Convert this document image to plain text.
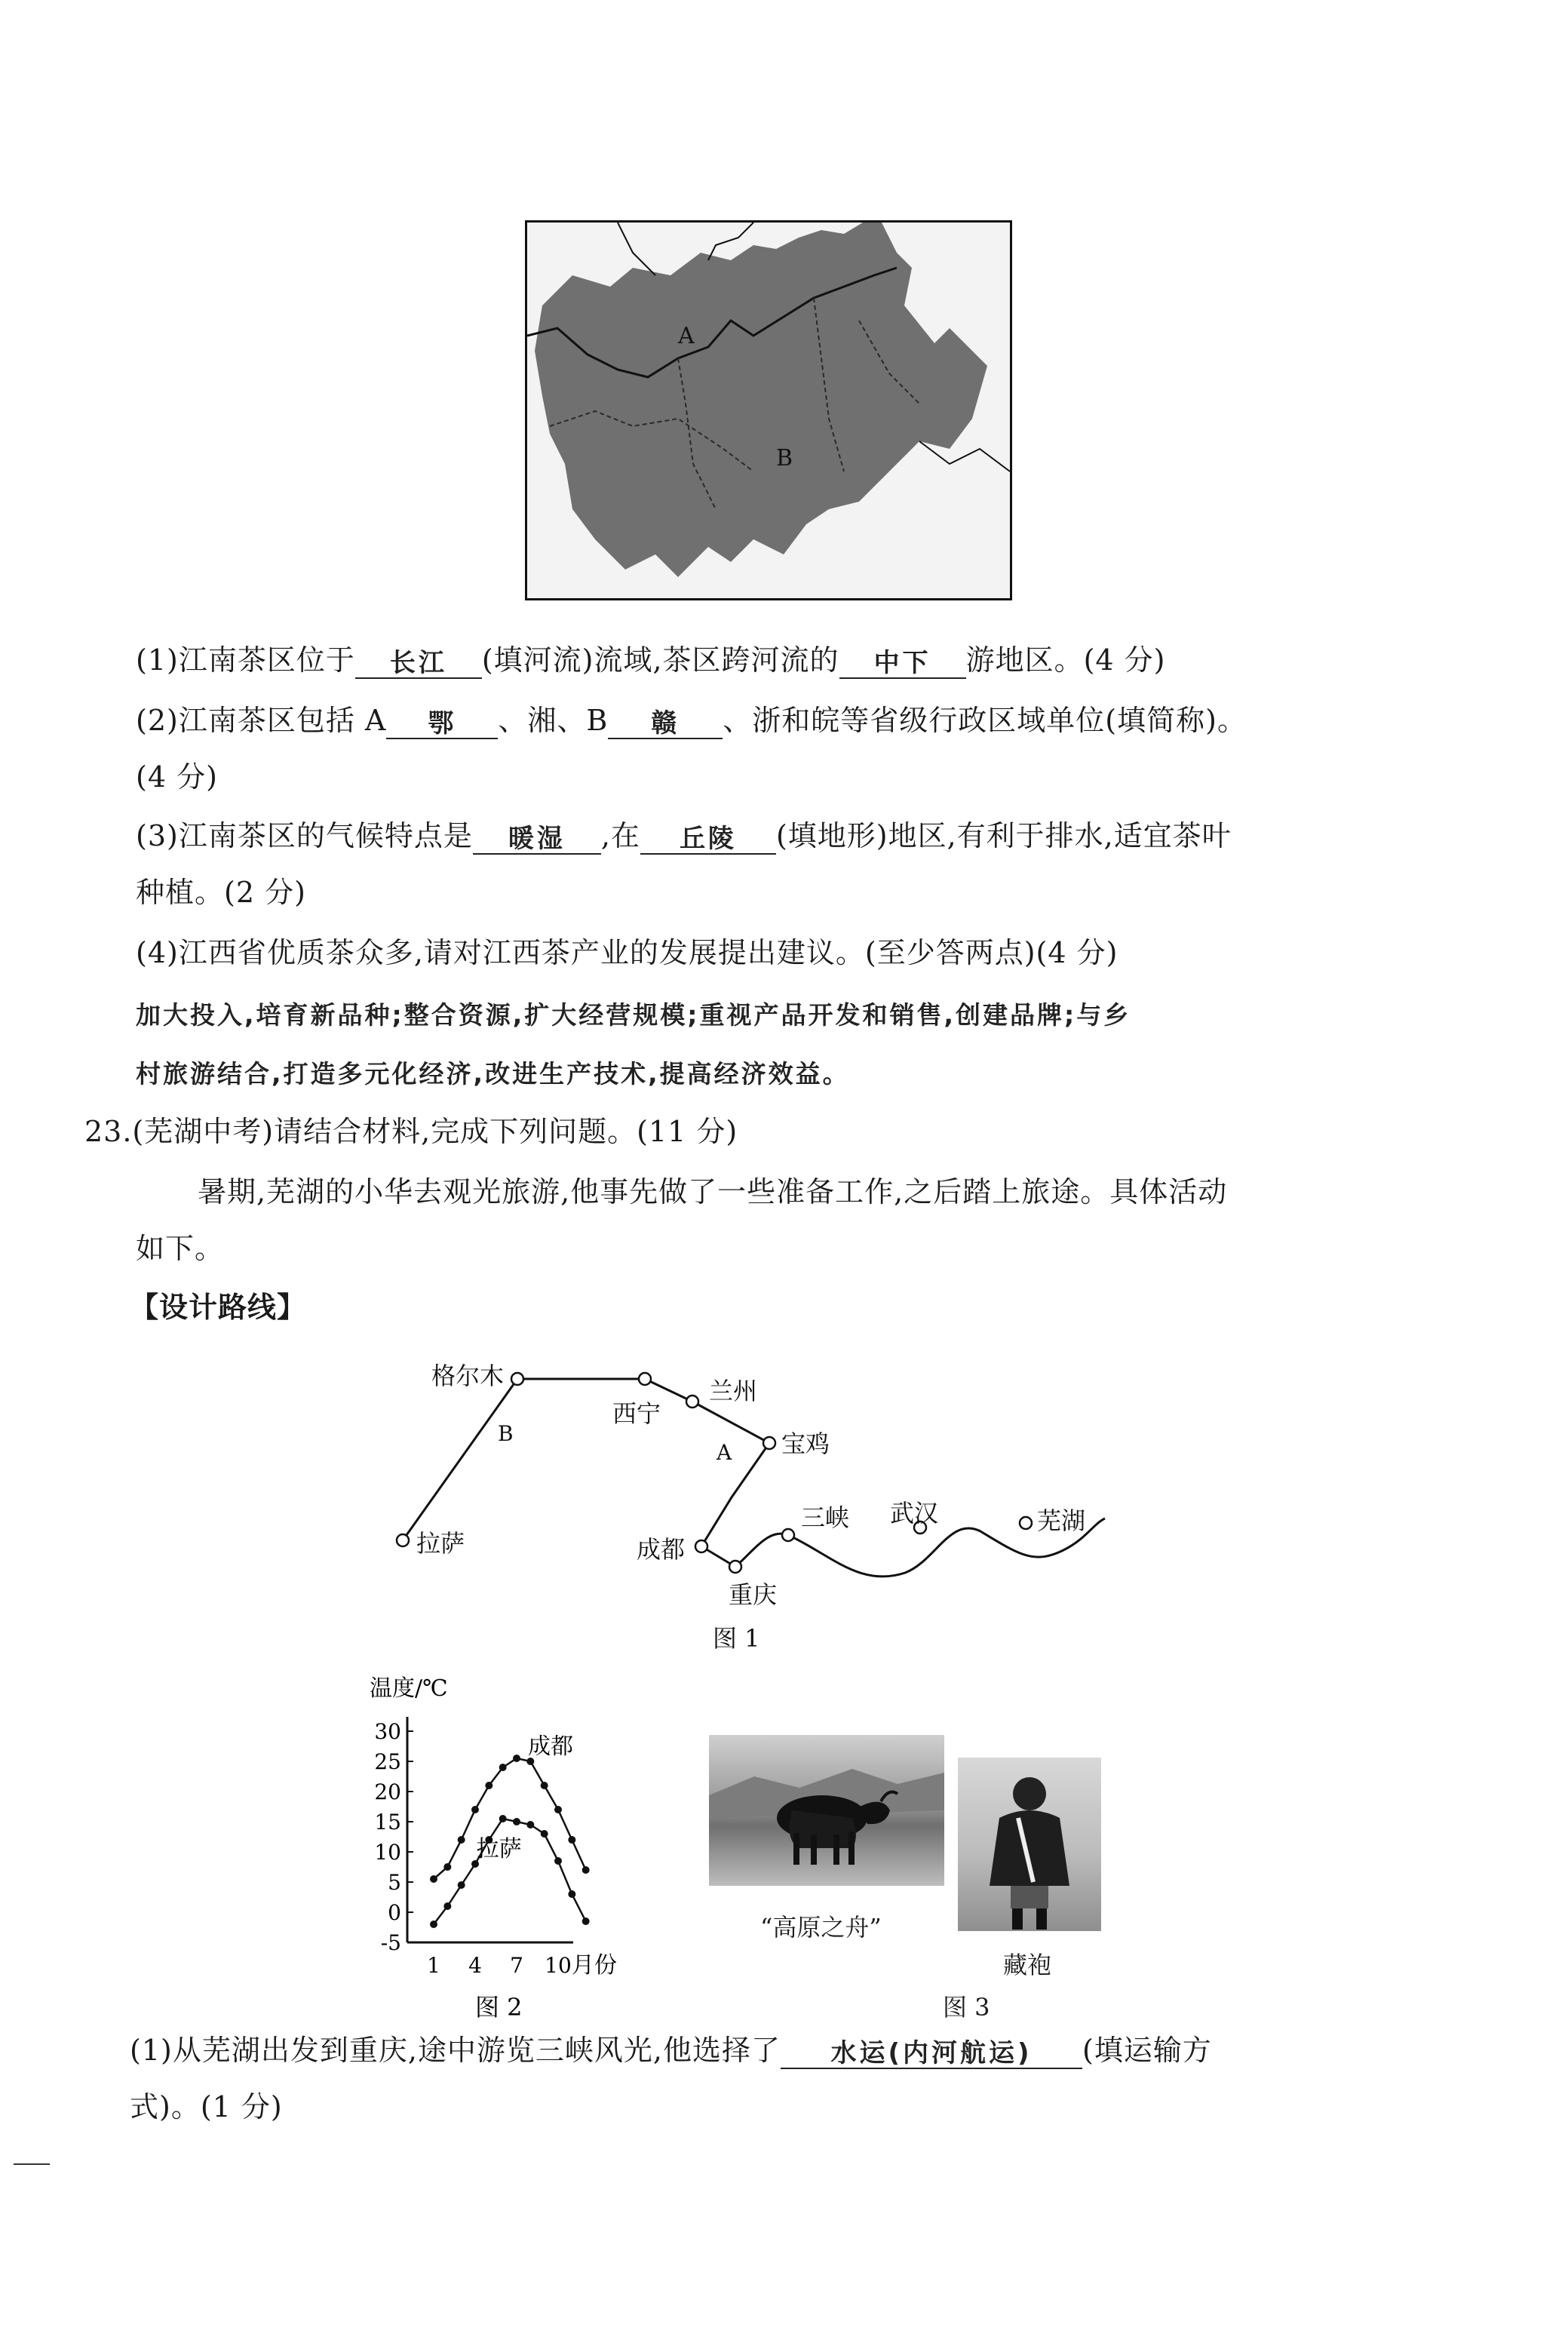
A
B
(1)江南茶区位于 长江 (填河流)流域,茶区跨河流的 中下 游地区。(4 分)
(2)江南茶区包括 A 鄂 、湘、B 赣 、浙和皖等省级行政区域单位(填简称)。
(4 分)
(3)江南茶区的气候特点是 暖湿 ,在 丘陵 (填地形)地区,有利于排水,适宜茶叶
种植。(2 分)
(4)江西省优质茶众多,请对江西茶产业的发展提出建议。(至少答两点)(4 分)
加大投入,培育新品种;整合资源,扩大经营规模;重视产品开发和销售,创建品牌;与乡
村旅游结合,打造多元化经济,改进生产技术,提高经济效益。
23.(芜湖中考)请结合材料,完成下列问题。(11 分)
暑期,芜湖的小华去观光旅游,他事先做了一些准备工作,之后踏上旅途。具体活动
如下。
【设计路线】
格尔木
西宁
兰州
宝鸡
拉萨	成都
重庆
三峡 武汉	芜湖
A
B
图 1
温度/℃
30
25
20
15
10
5
0
-5
1 4 7 10
成都
拉萨
月份
图 2
“高原之舟”
藏袍
图 3
(1)从芜湖出发到重庆,途中游览三峡风光,他选择了 水运(内河航运) (填运输方
式)。(1 分)
